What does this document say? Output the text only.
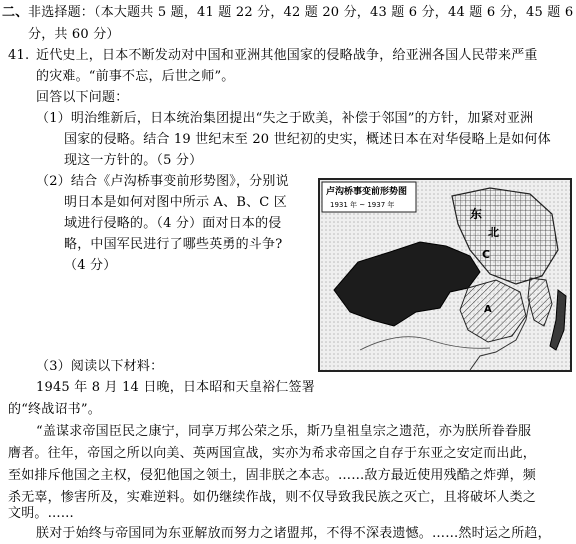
二、 非选择题：（本大题共 5 题，41 题 22 分，42 题 20 分，43 题 6 分，44 题 6 分，45 题 6
分，共 60 分）
41. 近代史上，日本不断发动对中国和亚洲其他国家的侵略战争，给亚洲各国人民带来严重
的灾难。“前事不忘，后世之师”。
回答以下问题：
（1）明治维新后，日本统治集团提出“失之于欧美，补偿于邻国”的方针，加紧对亚洲
国家的侵略。结合 19 世纪末至 20 世纪初的史实，概述日本在对华侵略上是如何体
现这一方针的。（5 分）
（2）结合《卢沟桥事变前形势图》，分别说
明日本是如何对图中所示 A、B、C 区
域进行侵略的。（4 分）面对日本的侵
略，中国军民进行了哪些英勇的斗争?
（4 分）
（3）阅读以下材料：
1945 年 8 月 14 日晚，日本昭和天皇裕仁签署
的“终战诏书”。
“盖谋求帝国臣民之康宁，同享万邦公荣之乐，斯乃皇祖皇宗之遗范，亦为朕所眷眷服
膺者。往年，帝国之所以向美、英两国宣战，实亦为希求帝国之自存于东亚之安定而出此，
至如排斥他国之主权，侵犯他国之领土，固非朕之本志。……敌方最近使用残酷之炸弹，频
杀无辜，惨害所及，实难逆料。如仍继续作战，则不仅导致我民族之灭亡，且将破坏人类之
文明。……
朕对于始终与帝国同为东亚解放而努力之诸盟邦，不得不深表遗憾。……然时运之所趋，
卢沟桥事变前形势图
1931 年 ~ 1937 年
东
北
C
A
